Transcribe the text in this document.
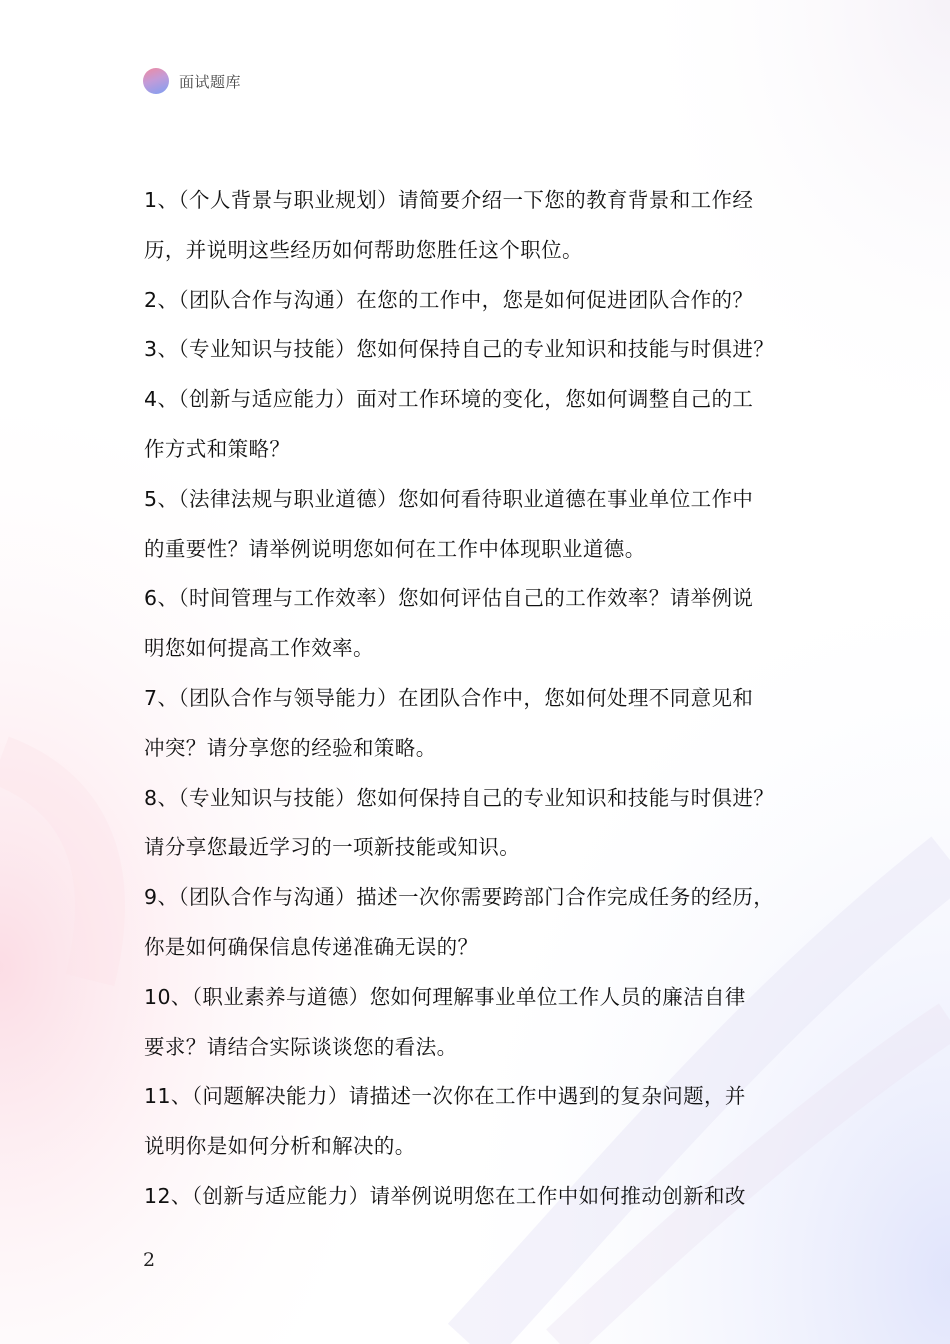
面试题库

1、（个人背景与职业规划）请简要介绍一下您的教育背景和工作经

历，并说明这些经历如何帮助您胜任这个职位。

2、（团队合作与沟通）在您的工作中，您是如何促进团队合作的？

3、（专业知识与技能）您如何保持自己的专业知识和技能与时俱进？

4、（创新与适应能力）面对工作环境的变化，您如何调整自己的工

作方式和策略？

5、（法律法规与职业道德）您如何看待职业道德在事业单位工作中

的重要性？请举例说明您如何在工作中体现职业道德。

6、（时间管理与工作效率）您如何评估自己的工作效率？请举例说

明您如何提高工作效率。

7、（团队合作与领导能力）在团队合作中，您如何处理不同意见和

冲突？请分享您的经验和策略。

8、（专业知识与技能）您如何保持自己的专业知识和技能与时俱进？

请分享您最近学习的一项新技能或知识。

9、（团队合作与沟通）描述一次你需要跨部门合作完成任务的经历，

你是如何确保信息传递准确无误的？

10、（职业素养与道德）您如何理解事业单位工作人员的廉洁自律

要求？请结合实际谈谈您的看法。

11、（问题解决能力）请描述一次你在工作中遇到的复杂问题，并

说明你是如何分析和解决的。

12、（创新与适应能力）请举例说明您在工作中如何推动创新和改

2
